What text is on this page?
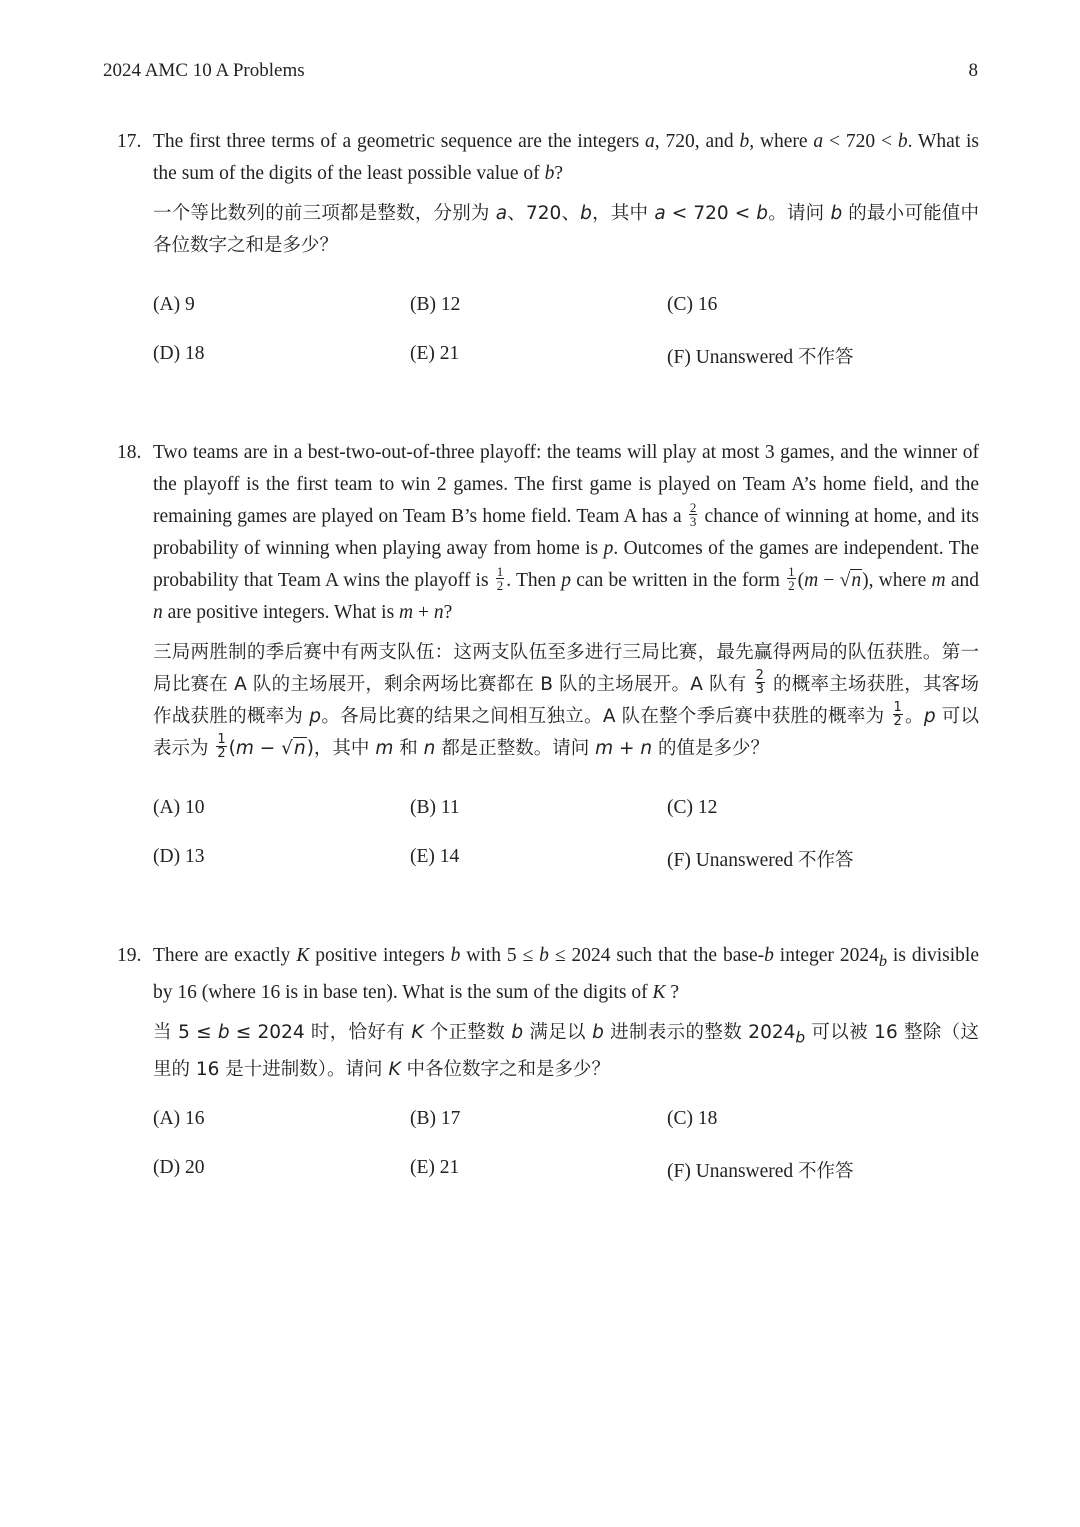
2024 AMC 10 A Problems	8
17. The first three terms of a geometric sequence are the integers a, 720, and b, where a < 720 < b. What is the sum of the digits of the least possible value of b?

一个等比数列的前三项都是整数，分别为 a、720、b，其中 a < 720 < b。请问 b 的最小可能值中各位数字之和是多少？

(A) 9	(B) 12	(C) 16
(D) 18	(E) 21	(F) Unanswered 不作答
18. Two teams are in a best-two-out-of-three playoff: the teams will play at most 3 games, and the winner of the playoff is the first team to win 2 games. The first game is played on Team A’s home field, and the remaining games are played on Team B’s home field. Team A has a $\frac{2}{3}$ chance of winning at home, and its probability of winning when playing away from home is p. Outcomes of the games are independent. The probability that Team A wins the playoff is $\frac{1}{2}$ . Then p can be written in the form $\frac{1}{2} (m - √n)$, where m and n are positive integers. What is m + n?

三局两胜制的季后赛中有两支队伍：这两支队伍至多进行三局比赛，最先赢得两局的队伍获胜。第一局比赛在 A 队的主场展开，剩余两场比赛都在 B 队的主场展开。A 队有 $\frac{2}{3}$ 的概率主场获胜，其客场作战获胜的概率为 p。各局比赛的结果之间相互独立。A 队在整个季后赛中获胜的概率为 $\frac{1}{2}$ 。p 可以表示为 $\frac{1}{2} (m - √n)$，其中 m 和 n 都是正整数。请问 m + n 的值是多少？

(A) 10	(B) 11	(C) 12
(D) 13	(E) 14	(F) Unanswered 不作答
19. There are exactly K positive integers b with 5 ≤ b ≤ 2024 such that the base-b integer $2024_b$ is divisible by 16 (where 16 is in base ten). What is the sum of the digits of K ?

当 5 ≤ b ≤ 2024 时，恰好有 K 个正整数 b 满足以 b 进制表示的整数 $2024_b$ 可以被 16 整除（这里的 16 是十进制数）。请问 K 中各位数字之和是多少？

(A) 16	(B) 17	(C) 18
(D) 20	(E) 21	(F) Unanswered 不作答
